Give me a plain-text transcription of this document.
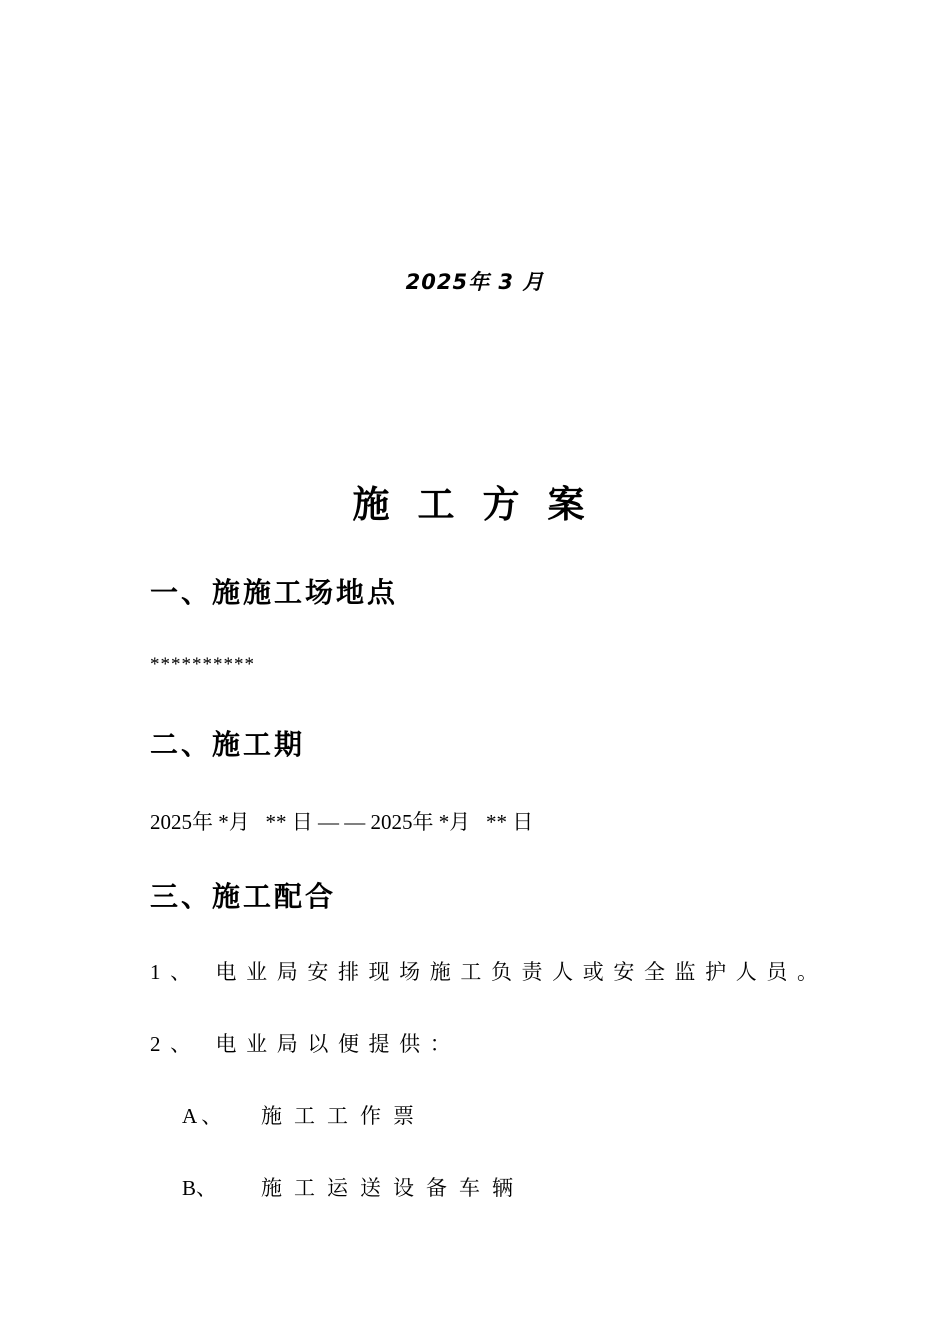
2025年 3 月
施工方案
一、施施工场地点
**********
二、施工期
2025年 *月   ** 日 — — 2025年 *月   ** 日
三、施工配合
1、 电业局安排现场施工负责人或安全监护人员。
2、 电业局以便提供：
A 、 施工工作票
B、 施工运送设备车辆
